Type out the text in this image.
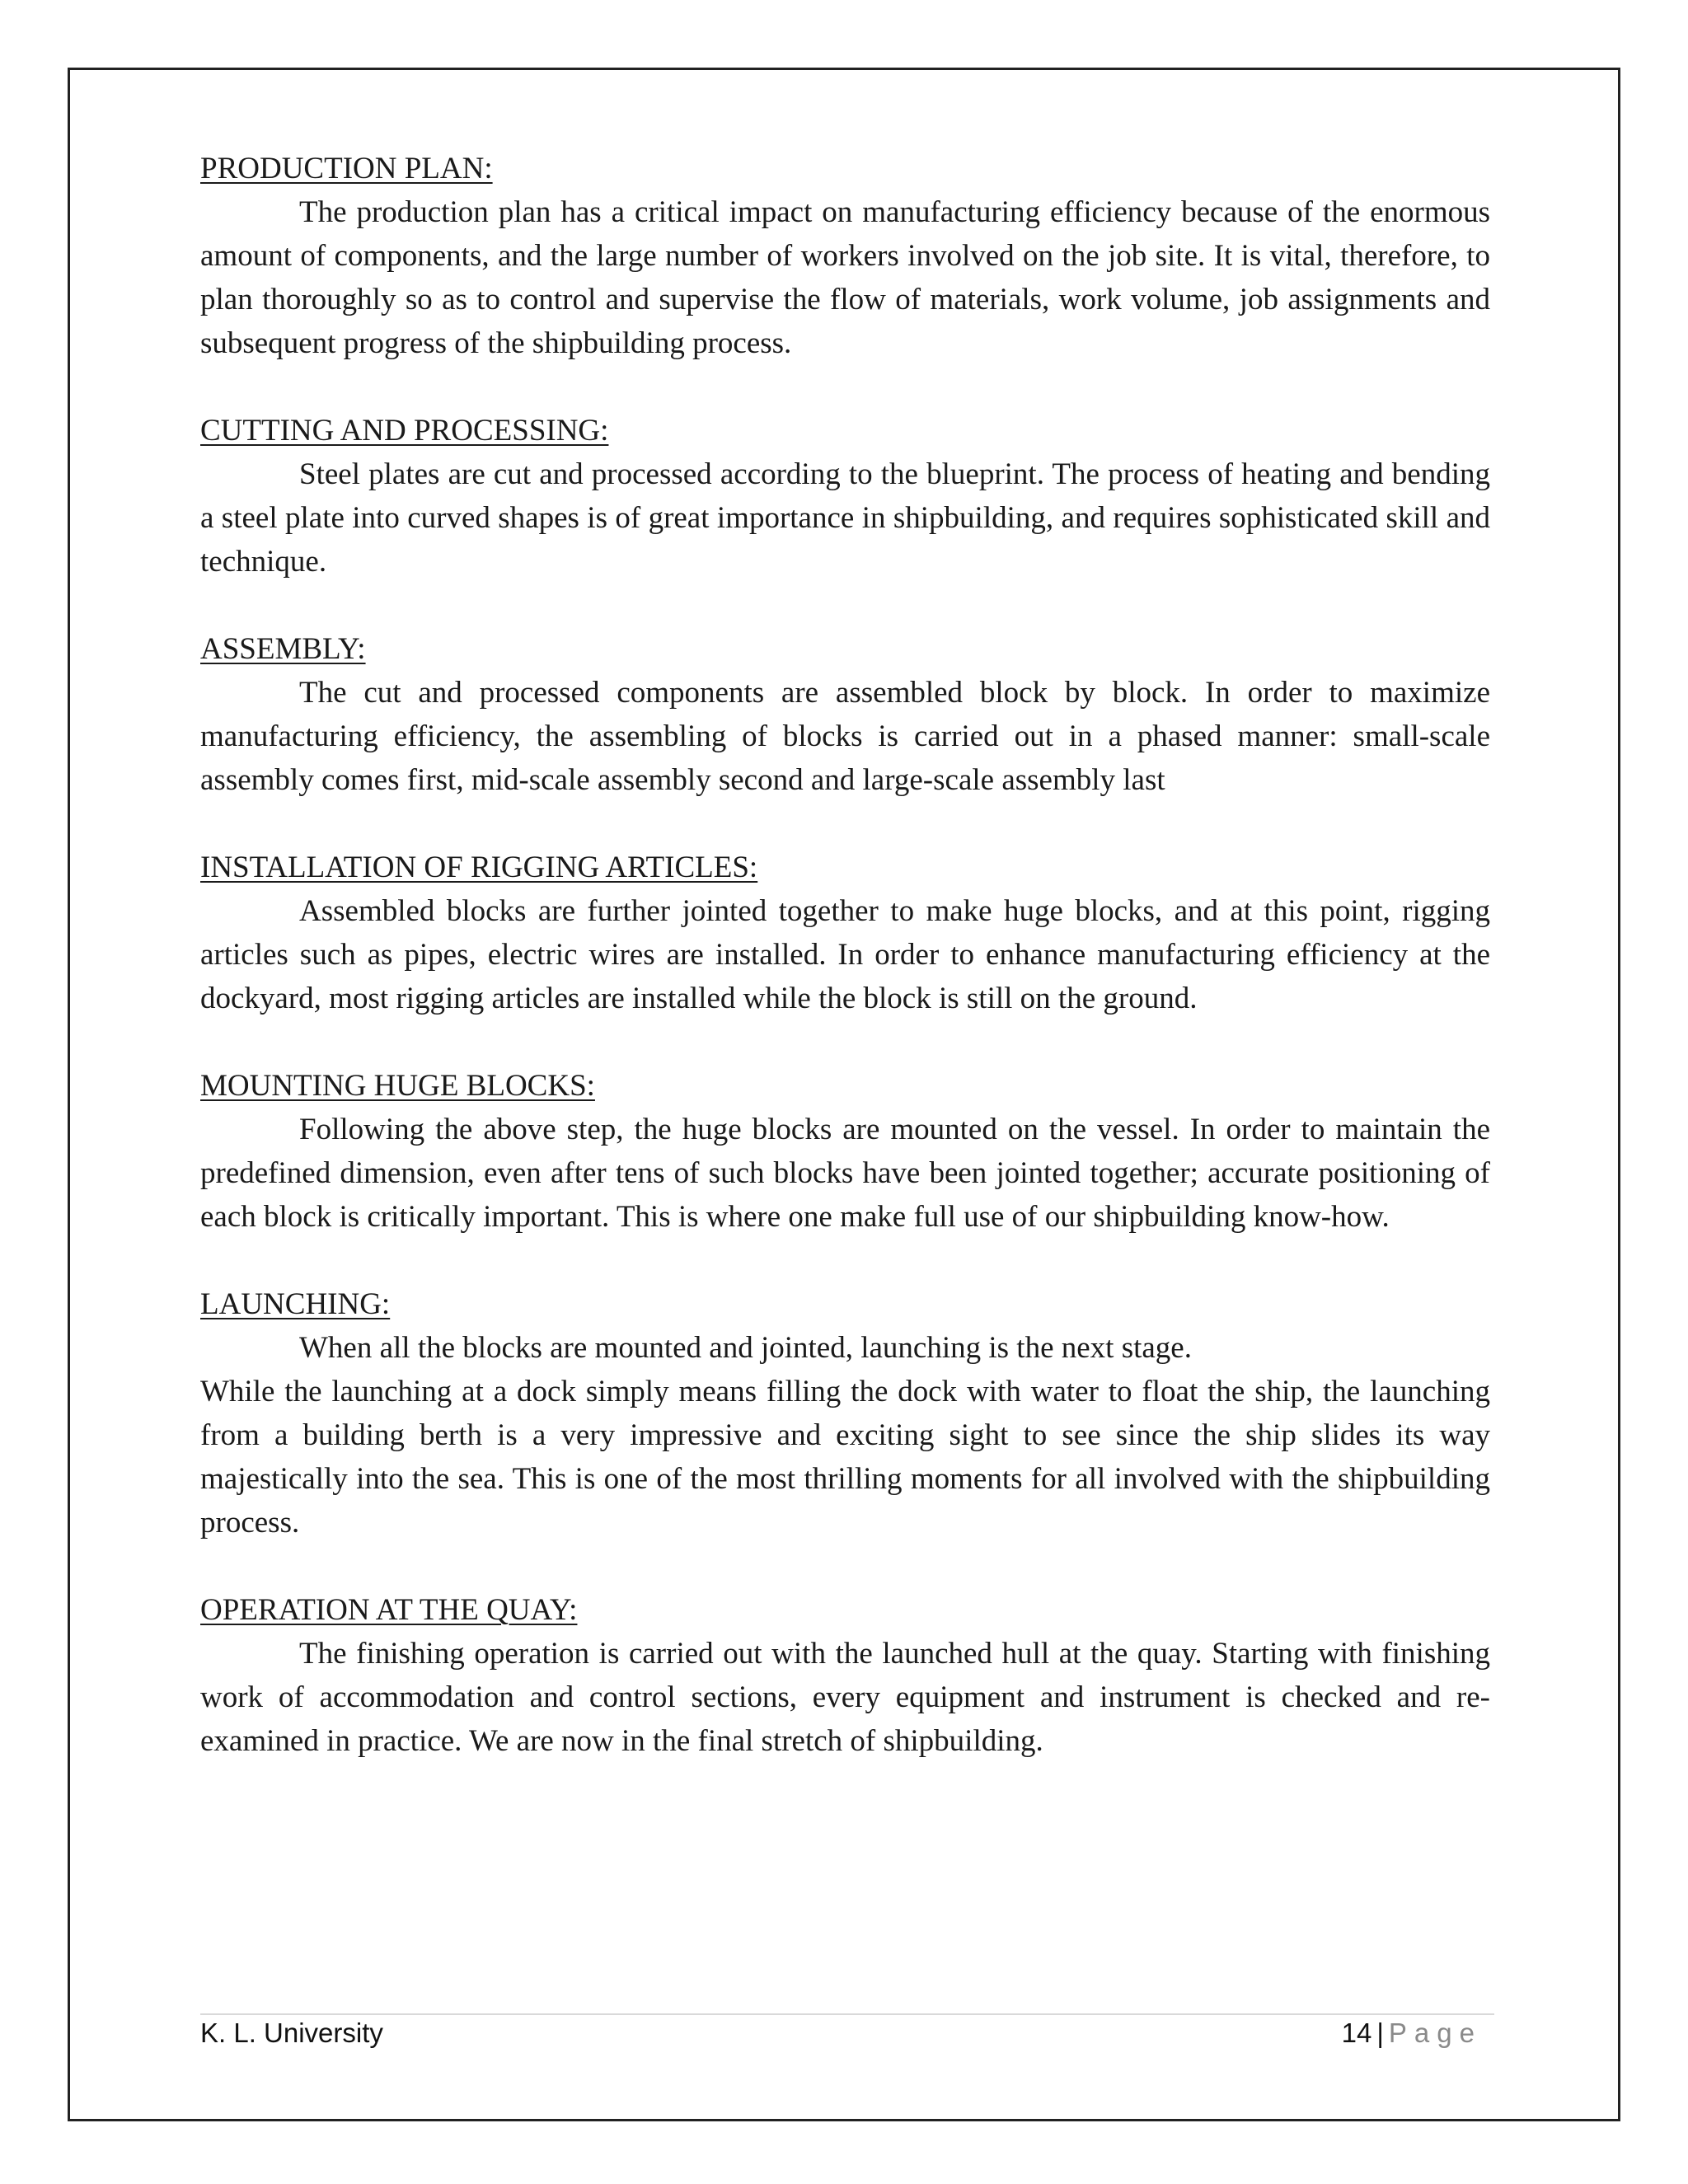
PRODUCTION PLAN:

The production plan has a critical impact on manufacturing efficiency because of the enormous amount of components, and the large number of workers involved on the job site. It is vital, therefore, to plan thoroughly so as to control and supervise the flow of materials, work volume, job assignments and subsequent progress of the shipbuilding process.

CUTTING AND PROCESSING:

Steel plates are cut and processed according to the blueprint. The process of heating and bending a steel plate into curved shapes is of great importance in shipbuilding, and requires sophisticated skill and technique.

ASSEMBLY:

The cut and processed components are assembled block by block. In order to maximize manufacturing efficiency, the assembling of blocks is carried out in a phased manner: small-scale assembly comes first, mid-scale assembly second and large-scale assembly last

INSTALLATION OF RIGGING ARTICLES:

Assembled blocks are further jointed together to make huge blocks, and at this point, rigging articles such as pipes, electric wires are installed. In order to enhance manufacturing efficiency at the dockyard, most rigging articles are installed while the block is still on the ground.

MOUNTING HUGE BLOCKS:

Following the above step, the huge blocks are mounted on the vessel. In order to maintain the predefined dimension, even after tens of such blocks have been jointed together; accurate positioning of each block is critically important. This is where one make full use of our shipbuilding know-how.

LAUNCHING:

When all the blocks are mounted and jointed, launching is the next stage.

While the launching at a dock simply means filling the dock with water to float the ship, the launching from a building berth is a very impressive and exciting sight to see since the ship slides its way majestically into the sea. This is one of the most thrilling moments for all involved with the shipbuilding process.

OPERATION AT THE QUAY:

The finishing operation is carried out with the launched hull at the quay. Starting with finishing work of accommodation and control sections, every equipment and instrument is checked and re-examined in practice. We are now in the final stretch of shipbuilding.

K. L. University	14 | Page
